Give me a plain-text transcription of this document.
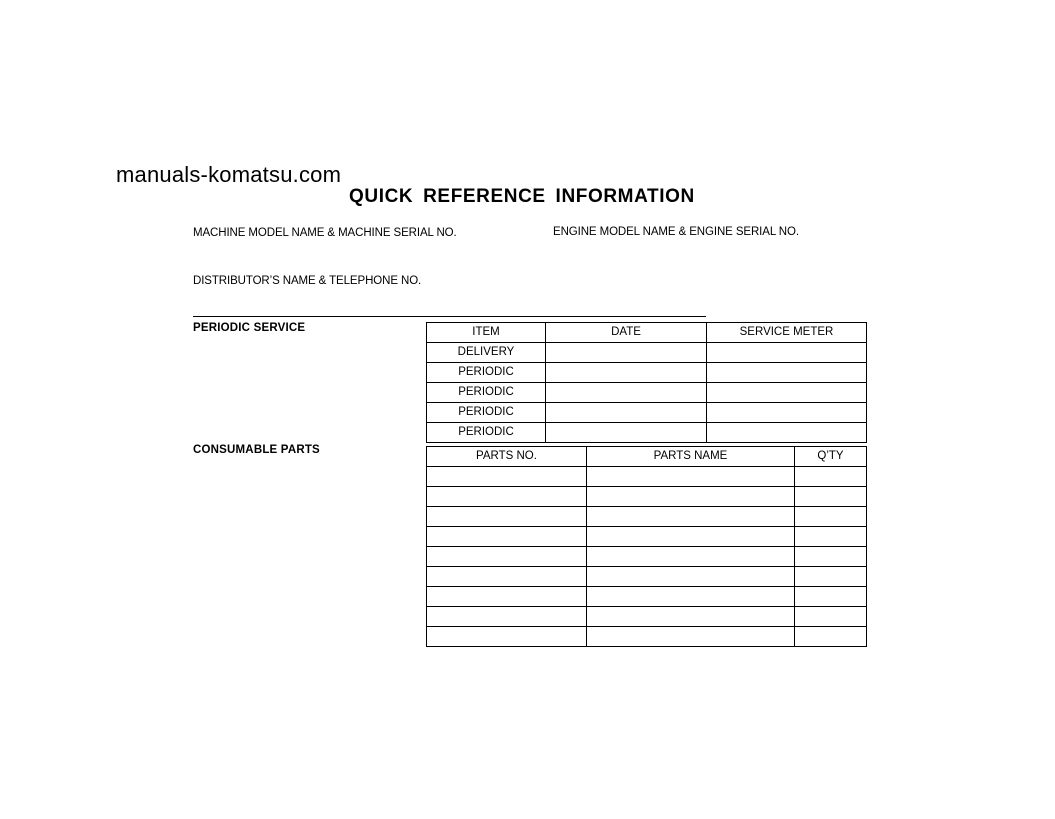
manuals-komatsu.com
QUICK REFERENCE INFORMATION
MACHINE MODEL NAME & MACHINE SERIAL NO.	ENGINE MODEL NAME & ENGINE SERIAL NO.
DISTRIBUTOR’S NAME & TELEPHONE NO.
PERIODIC SERVICE	ITEM	DATE	SERVICE METER
DELIVERY		
PERIODIC		
PERIODIC		
PERIODIC		
PERIODIC		
CONSUMABLE PARTS	PARTS NO.	PARTS NAME	Q’TY
